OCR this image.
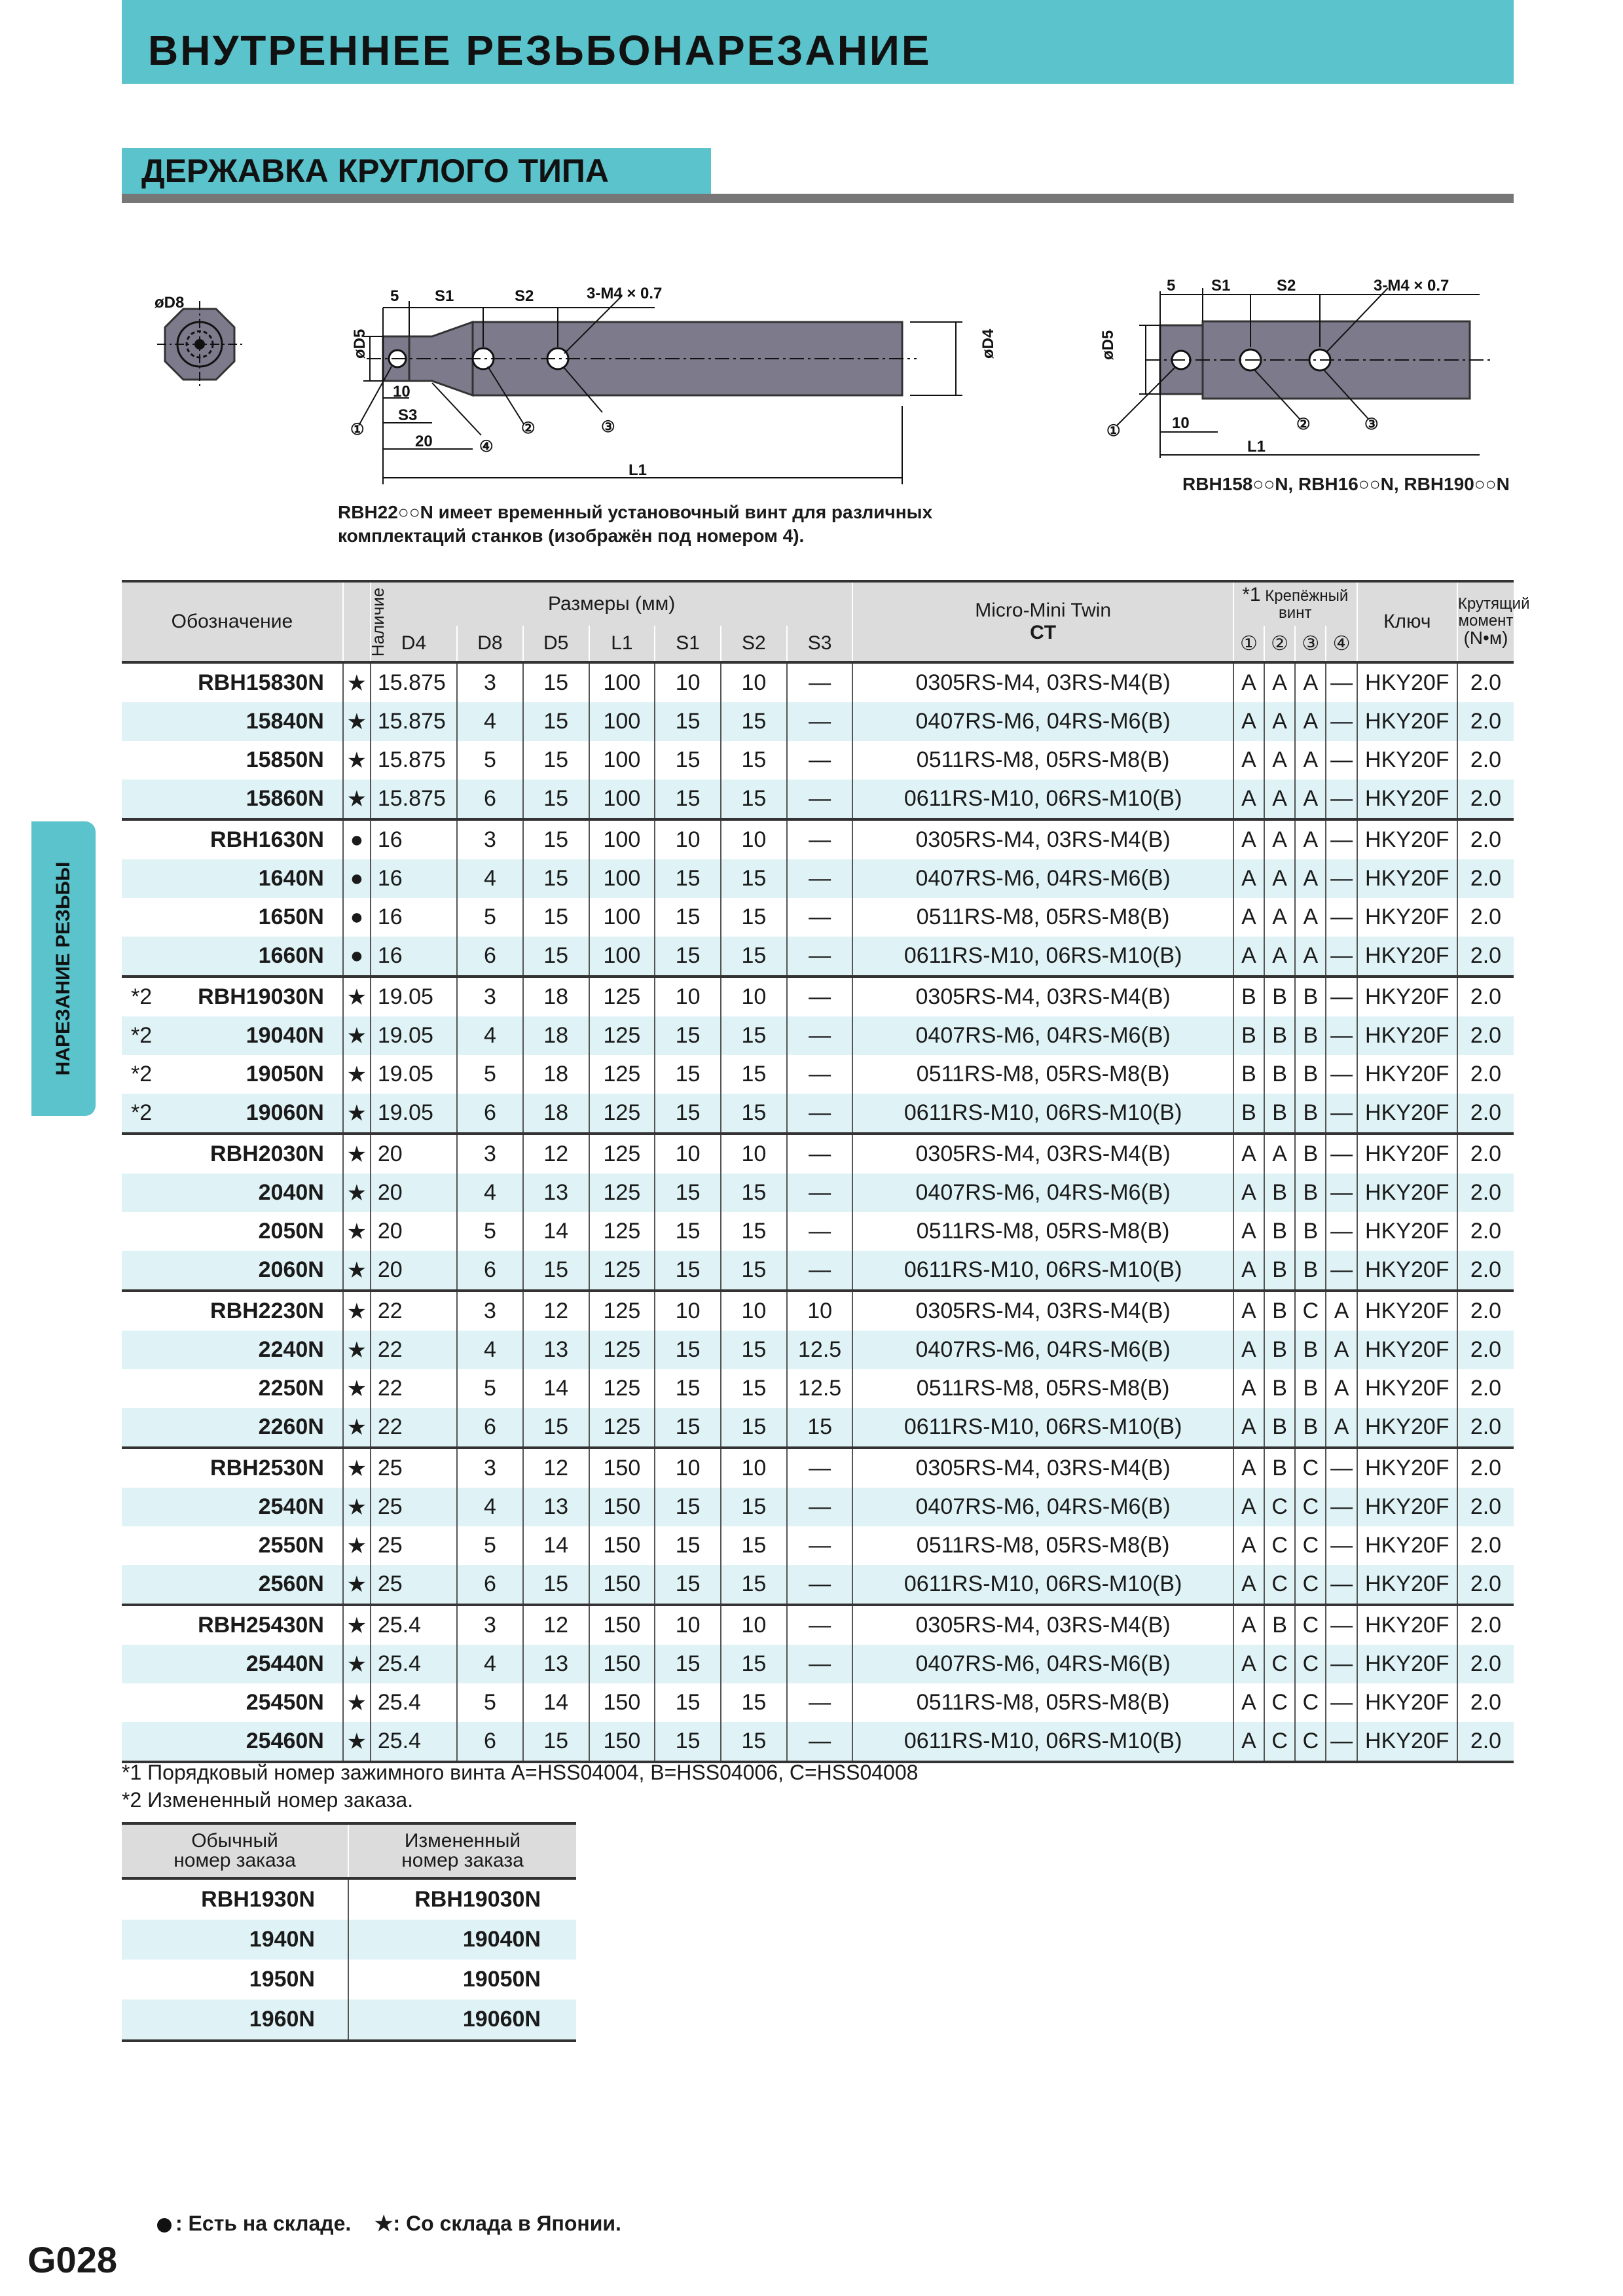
ВНУТРЕННЕЕ РЕЗЬБОНАРЕЗАНИЕ
ДЕРЖАВКА КРУГЛОГО ТИПА
НАРЕЗАНИЕ РЕЗЬБЫ
øD8	5 S1	S2	3-M4 × 0.7
10
S3
20
L1
①	②	③
④
øD5	øD4
5 S1	S2	3-M4 × 0.7
10
L1
①	②	③
øD5
RBH22○○N имеет временный установочный винт для различных комплектаций станков (изображён под номером 4).
RBH158○○N, RBH16○○N, RBH190○○N
Обозначение	Наличие	Размеры (мм)							Micro-Mini Twin
CT	*1 Крепёжный винт				Ключ	Крутящий
момент
(N•м)
		D4	D8	D5	L1	S1	S2	S3		①	②	③	④		
RBH15830N	★	15.875	3	15	100	10	10	—	0305RS-M4, 03RS-M4(B)	A	A	A	—	HKY20F	2.0
15840N	★	15.875	4	15	100	15	15	—	0407RS-M6, 04RS-M6(B)	A	A	A	—	HKY20F	2.0
15850N	★	15.875	5	15	100	15	15	—	0511RS-M8, 05RS-M8(B)	A	A	A	—	HKY20F	2.0
15860N	★	15.875	6	15	100	15	15	—	0611RS-M10, 06RS-M10(B)	A	A	A	—	HKY20F	2.0
RBH1630N	●	16	3	15	100	10	10	—	0305RS-M4, 03RS-M4(B)	A	A	A	—	HKY20F	2.0
1640N	●	16	4	15	100	15	15	—	0407RS-M6, 04RS-M6(B)	A	A	A	—	HKY20F	2.0
1650N	●	16	5	15	100	15	15	—	0511RS-M8, 05RS-M8(B)	A	A	A	—	HKY20F	2.0
1660N	●	16	6	15	100	15	15	—	0611RS-M10, 06RS-M10(B)	A	A	A	—	HKY20F	2.0

*2 RBH19030N	★	19.05	3	18	125	10	10	—	0305RS-M4, 03RS-M4(B)	B	B	B	—	HKY20F	2.0

*2 19040N	★	19.05	4	18	125	15	15	—	0407RS-M6, 04RS-M6(B)	B	B	B	—	HKY20F	2.0

*2 19050N	★	19.05	5	18	125	15	15	—	0511RS-M8, 05RS-M8(B)	B	B	B	—	HKY20F	2.0

*2 19060N	★	19.05	6	18	125	15	15	—	0611RS-M10, 06RS-M10(B)	B	B	B	—	HKY20F	2.0
RBH2030N	★	20	3	12	125	10	10	—	0305RS-M4, 03RS-M4(B)	A	A	B	—	HKY20F	2.0
2040N	★	20	4	13	125	15	15	—	0407RS-M6, 04RS-M6(B)	A	B	B	—	HKY20F	2.0
2050N	★	20	5	14	125	15	15	—	0511RS-M8, 05RS-M8(B)	A	B	B	—	HKY20F	2.0
2060N	★	20	6	15	125	15	15	—	0611RS-M10, 06RS-M10(B)	A	B	B	—	HKY20F	2.0
RBH2230N	★	22	3	12	125	10	10	10	0305RS-M4, 03RS-M4(B)	A	B	C	A	HKY20F	2.0
2240N	★	22	4	13	125	15	15	12.5	0407RS-M6, 04RS-M6(B)	A	B	B	A	HKY20F	2.0
2250N	★	22	5	14	125	15	15	12.5	0511RS-M8, 05RS-M8(B)	A	B	B	A	HKY20F	2.0
2260N	★	22	6	15	125	15	15	15	0611RS-M10, 06RS-M10(B)	A	B	B	A	HKY20F	2.0
RBH2530N	★	25	3	12	150	10	10	—	0305RS-M4, 03RS-M4(B)	A	B	C	—	HKY20F	2.0
2540N	★	25	4	13	150	15	15	—	0407RS-M6, 04RS-M6(B)	A	C	C	—	HKY20F	2.0
2550N	★	25	5	14	150	15	15	—	0511RS-M8, 05RS-M8(B)	A	C	C	—	HKY20F	2.0
2560N	★	25	6	15	150	15	15	—	0611RS-M10, 06RS-M10(B)	A	C	C	—	HKY20F	2.0
RBH25430N	★	25.4	3	12	150	10	10	—	0305RS-M4, 03RS-M4(B)	A	B	C	—	HKY20F	2.0
25440N	★	25.4	4	13	150	15	15	—	0407RS-M6, 04RS-M6(B)	A	C	C	—	HKY20F	2.0
25450N	★	25.4	5	14	150	15	15	—	0511RS-M8, 05RS-M8(B)	A	C	C	—	HKY20F	2.0
25460N	★	25.4	6	15	150	15	15	—	0611RS-M10, 06RS-M10(B)	A	C	C	—	HKY20F	2.0
*1 Порядковый номер зажимного винта A=HSS04004, B=HSS04006, C=HSS04008
*2 Измененный номер заказа.
Обычный
номер заказа	Измененный
номер заказа
RBH1930N	RBH19030N
1940N	19040N
1950N	19050N
1960N	19060N
: Есть на складе. ★: Со склада в Японии.
G028
